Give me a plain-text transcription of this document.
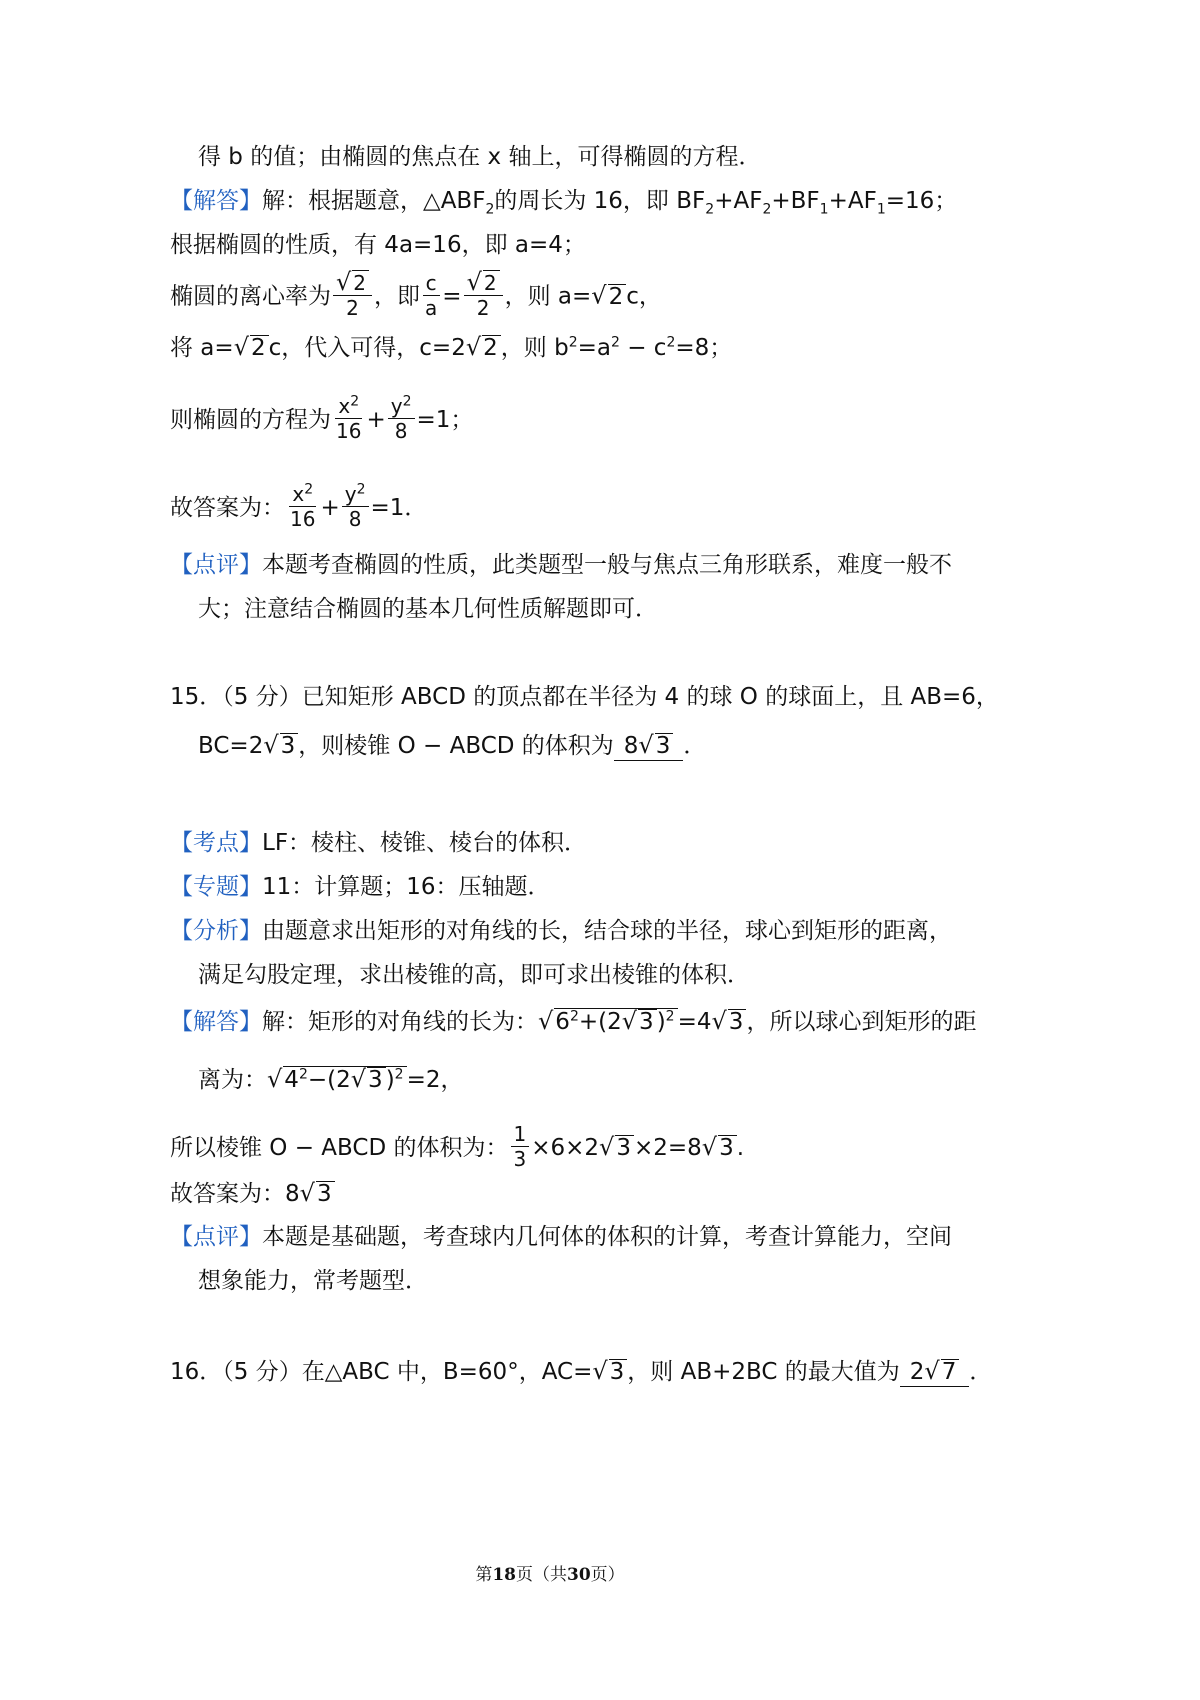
得 b 的值；由椭圆的焦点在 x 轴上，可得椭圆的方程．
【解答】解：根据题意，$\triangle ABF_2$的周长为 16，即 $BF_2+AF_2+BF_1+AF_1=16$；
根据椭圆的性质，有 4a=16，即 a=4；
椭圆的离心率为 $\frac{√ 2}{2}$ ，即 $\frac{c}{a} = \frac{√ 2}{2}$ ，则 a=√2 c，
将 a=√2 c，代入可得，c=2√2 ，则 $b^2=a^2 - c^2=8$；
则椭圆的方程为 $\frac{x^2}{16} + \frac{y^2}{8} =1$；
故答案为： $\frac{x^2}{16} + \frac{y^2}{8} =1$．
【点评】本题考查椭圆的性质，此类题型一般与焦点三角形联系，难度一般不
大；注意结合椭圆的基本几何性质解题即可．
15．（5 分）已知矩形 ABCD 的顶点都在半径为 4 的球 O 的球面上，且 AB=6，
BC=2√3 ，则棱锥 O − ABCD 的体积为 8√3 ．
【考点】LF：棱柱、棱锥、棱台的体积．
【专题】11：计算题；16：压轴题．
【分析】由题意求出矩形的对角线的长，结合球的半径，球心到矩形的距离，
满足勾股定理，求出棱锥的高，即可求出棱锥的体积．
【解答】解：矩形的对角线的长为：$√6^2+(2√3$ )$^2$ =4√3 ，所以球心到矩形的距
离为：$√4^2-(2√3$ )$^2$ =2，
所以棱锥 O − ABCD 的体积为： $\frac{1}{3} \times 6\times 2√3 \times 2=8√3$ .
故答案为：8√3
【点评】本题是基础题，考查球内几何体的体积的计算，考查计算能力，空间
想象能力，常考题型．
16．（5 分）在△ABC 中，B=60°，AC=√3 ，则 AB+2BC 的最大值为 2√7 ．
第18页（共30页）
